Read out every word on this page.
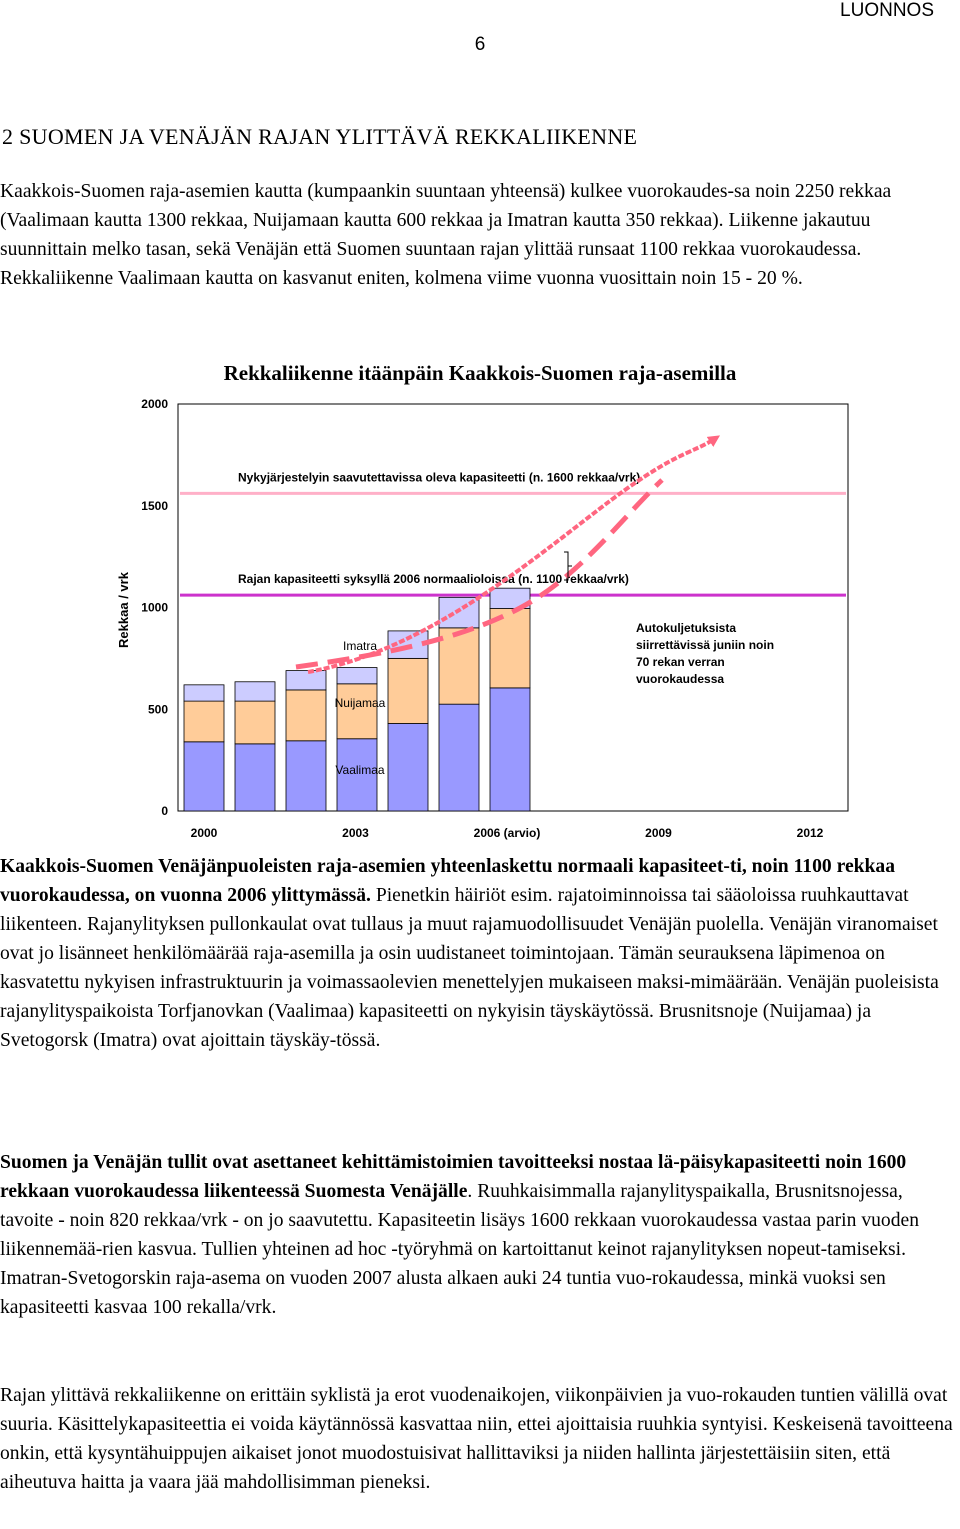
LUONNOS
6
2 SUOMEN JA VENÄJÄN RAJAN YLITTÄVÄ REKKALIIKENNE

Kaakkois-Suomen raja-asemien kautta (kumpaankin suuntaan yhteensä) kulkee vuorokaudes-sa noin 2250 rekkaa (Vaalimaan kautta 1300 rekkaa, Nuijamaan kautta 600 rekkaa ja Imatran kautta 350 rekkaa). Liikenne jakautuu suunnittain melko tasan, sekä Venäjän että Suomen suuntaan rajan ylittää runsaat 1100 rekkaa vuorokaudessa. Rekkaliikenne Vaalimaan kautta on kasvanut eniten, kolmena viime vuonna vuosittain noin 15 - 20 %.

Rekkaliikenne itäänpäin Kaakkois-Suomen raja-asemilla
Rekkaa / vrk
0
500
1000
1500
2000
2000	2003	2006 (arvio)	2009	2012
Nykyjärjestelyin saavutettavissa oleva kapasiteetti (n. 1600 rekkaa/vrk)
Rajan kapasiteetti syksyllä 2006 normaalioloissa (n. 1100 rekkaa/vrk)
Vaalimaa
Nuijamaa
Imatra
Autokuljetuksista siirrettävissä juniin noin 70 rekan verran vuorokaudessa

Kaakkois-Suomen Venäjänpuoleisten raja-asemien yhteenlaskettu normaali kapasiteet-ti, noin 1100 rekkaa vuorokaudessa, on vuonna 2006 ylittymässä. Pienetkin häiriöt esim. rajatoiminnoissa tai sääoloissa ruuhkauttavat liikenteen. Rajanylityksen pullonkaulat ovat tullaus ja muut rajamuodollisuudet Venäjän puolella. Venäjän viranomaiset ovat jo lisänneet henkilömäärää raja-asemilla ja osin uudistaneet toimintojaan. Tämän seurauksena läpimenoa on kasvatettu nykyisen infrastruktuurin ja voimassaolevien menettelyjen mukaiseen maksi-mimäärään. Venäjän puoleisista rajanylityspaikoista Torfjanovkan (Vaalimaa) kapasiteetti on nykyisin täyskäytössä. Brusnitsnoje (Nuijamaa) ja Svetogorsk (Imatra) ovat ajoittain täyskäy-tössä.

Suomen ja Venäjän tullit ovat asettaneet kehittämistoimien tavoitteeksi nostaa lä-päisykapasiteetti noin 1600 rekkaan vuorokaudessa liikenteessä Suomesta Venäjälle. Ruuhkaisimmalla rajanylityspaikalla, Brusnitsnojessa, tavoite - noin 820 rekkaa/vrk - on jo saavutettu. Kapasiteetin lisäys 1600 rekkaan vuorokaudessa vastaa parin vuoden liikennemää-rien kasvua. Tullien yhteinen ad hoc -työryhmä on kartoittanut keinot rajanylityksen nopeut-tamiseksi. Imatran-Svetogorskin raja-asema on vuoden 2007 alusta alkaen auki 24 tuntia vuo-rokaudessa, minkä vuoksi sen kapasiteetti kasvaa 100 rekalla/vrk.

Rajan ylittävä rekkaliikenne on erittäin syklistä ja erot vuodenaikojen, viikonpäivien ja vuo-rokauden tuntien välillä ovat suuria. Käsittelykapasiteettia ei voida käytännössä kasvattaa niin, ettei ajoittaisia ruuhkia syntyisi. Keskeisenä tavoitteena onkin, että kysyntähuippujen aikaiset jonot muodostuisivat hallittaviksi ja niiden hallinta järjestettäisiin siten, että aiheutuva haitta ja vaara jää mahdollisimman pieneksi.
